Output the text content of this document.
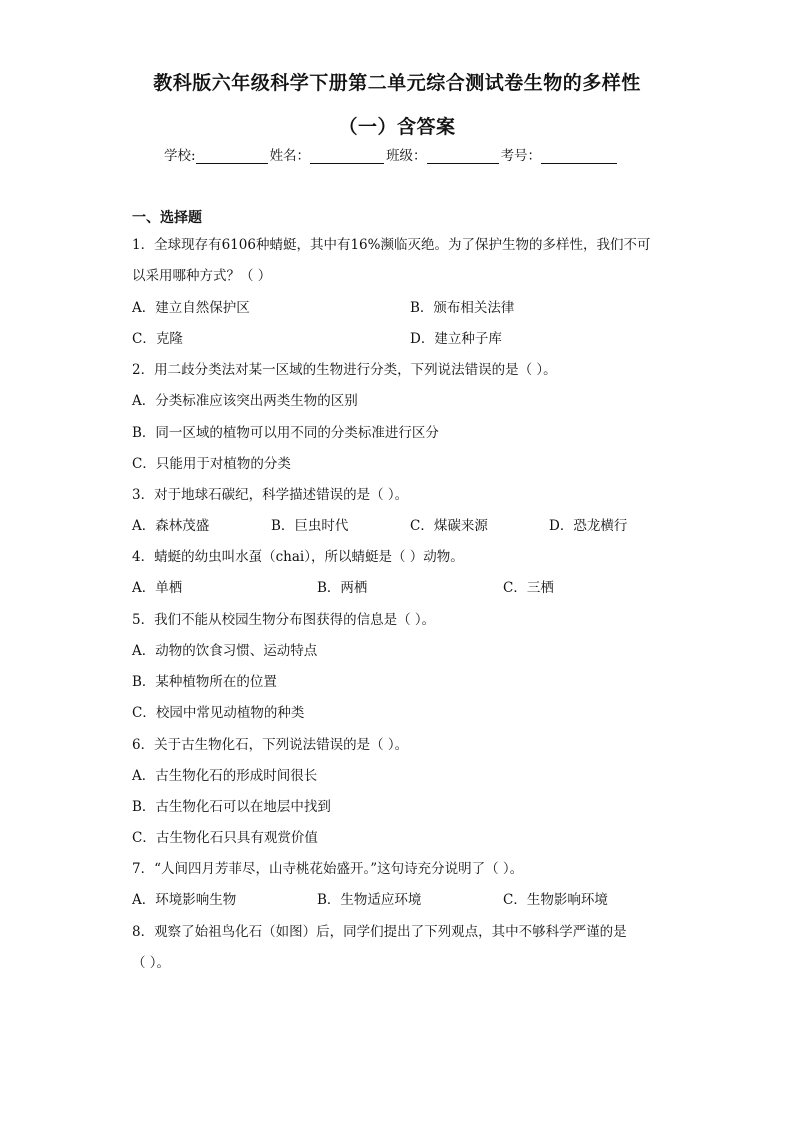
教科版六年级科学下册第二单元综合测试卷生物的多样性
（一）含答案
学校:	姓名：	班级：	考号：
一、选择题
1．全球现存有6106种蜻蜓，其中有16%濒临灭绝。为了保护生物的多样性，我们不可
以采用哪种方式？（ ）
A．建立自然保护区	B．颁布相关法律
C．克隆	D．建立种子库
2．用二歧分类法对某一区域的生物进行分类，下列说法错误的是（ ）。
A．分类标准应该突出两类生物的区别
B．同一区域的植物可以用不同的分类标准进行区分
C．只能用于对植物的分类
3．对于地球石碳纪，科学描述错误的是（ ）。
A．森林茂盛	B．巨虫时代	C．煤碳来源	D．恐龙横行
4．蜻蜓的幼虫叫水虿（chai），所以蜻蜓是（ ）动物。
A．单栖	B．两栖	C．三栖
5．我们不能从校园生物分布图获得的信息是（ ）。
A．动物的饮食习惯、运动特点
B．某种植物所在的位置
C．校园中常见动植物的种类
6．关于古生物化石，下列说法错误的是（ ）。
A．古生物化石的形成时间很长
B．古生物化石可以在地层中找到
C．古生物化石只具有观赏价值
7．“人间四月芳菲尽，山寺桃花始盛开。”这句诗充分说明了（ ）。
A．环境影响生物	B．生物适应环境	C．生物影响环境
8．观察了始祖鸟化石（如图）后，同学们提出了下列观点，其中不够科学严谨的是
（ ）。
